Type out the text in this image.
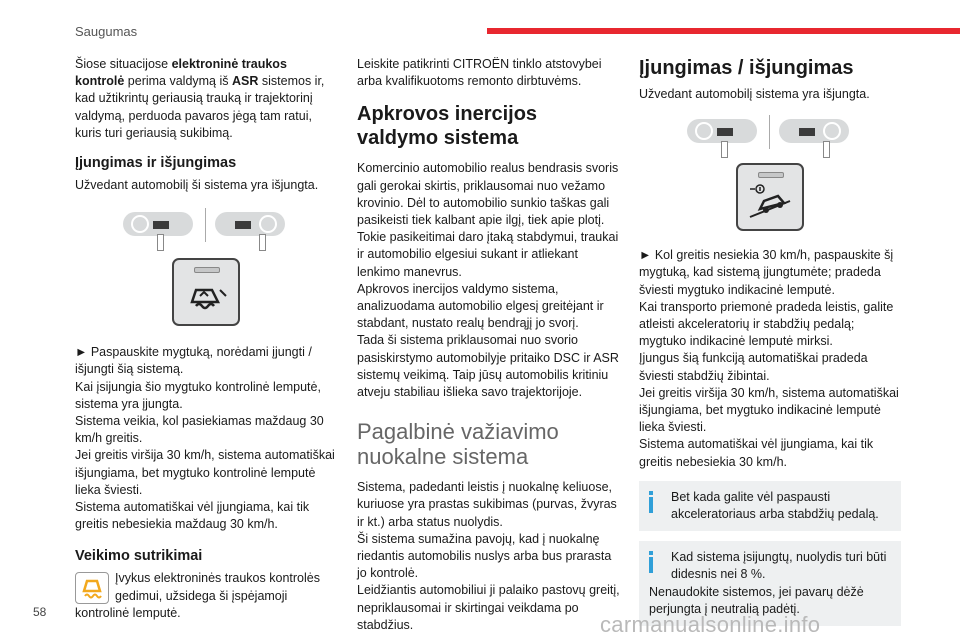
Saugumas

Šiose situacijose elektroninė traukos kontrolė perima valdymą iš ASR sistemos ir, kad užtikrintų geriausią trauką ir trajektorinį valdymą, perduoda pavaros jėgą tam ratui, kuris turi geriausią sukibimą.

Įjungimas ir išjungimas

Užvedant automobilį ši sistema yra išjungta.

► Paspauskite mygtuką, norėdami įjungti / išjungti šią sistemą.

Kai įsijungia šio mygtuko kontrolinė lemputė, sistema yra įjungta.

Sistema veikia, kol pasiekiamas maždaug 30 km/h greitis.

Jei greitis viršija 30 km/h, sistema automatiškai išjungiama, bet mygtuko kontrolinė lemputė lieka šviesti.

Sistema automatiškai vėl įjungiama, kai tik greitis nebesiekia maždaug 30 km/h.

Veikimo sutrikimai

Įvykus elektroninės traukos kontrolės gedimui, užsidega ši įspėjamoji kontrolinė lemputė.

Leiskite patikrinti CITROËN tinklo atstovybei arba kvalifikuotoms remonto dirbtuvėms.

Apkrovos inercijos valdymo sistema

Komercinio automobilio realus bendrasis svoris gali gerokai skirtis, priklausomai nuo vežamo krovinio. Dėl to automobilio sunkio taškas gali pasikeisti tiek kalbant apie ilgį, tiek apie plotį. Tokie pasikeitimai daro įtaką stabdymui, traukai ir automobilio elgesiui sukant ir atliekant lenkimo manevrus.

Apkrovos inercijos valdymo sistema, analizuodama automobilio elgesį greitėjant ir stabdant, nustato realų bendrąjį jo svorį.

Tada ši sistema priklausomai nuo svorio pasiskirstymo automobilyje pritaiko DSC ir ASR sistemų veikimą. Taip jūsų automobilis kritiniu atveju stabiliau išlieka savo trajektorijoje.

Pagalbinė važiavimo nuokalne sistema

Sistema, padedanti leistis į nuokalnę keliuose, kuriuose yra prastas sukibimas (purvas, žvyras ir kt.) arba status nuolydis.

Ši sistema sumažina pavojų, kad į nuokalnę riedantis automobilis nuslys arba bus prarasta jo kontrolė.

Leidžiantis automobiliui ji palaiko pastovų greitį, nepriklausomai ir skirtingai veikdama po stabdžius.

Įjungimas / išjungimas

Užvedant automobilį sistema yra išjungta.

► Kol greitis nesiekia 30 km/h, paspauskite šį mygtuką, kad sistemą įjungtumėte; pradeda šviesti mygtuko indikacinė lemputė.

Kai transporto priemonė pradeda leistis, galite atleisti akceleratorių ir stabdžių pedalą; mygtuko indikacinė lemputė mirksi.

Įjungus šią funkciją automatiškai pradeda šviesti stabdžių žibintai.

Jei greitis viršija 30 km/h, sistema automatiškai išjungiama, bet mygtuko indikacinė lemputė lieka šviesti.

Sistema automatiškai vėl įjungiama, kai tik greitis nebesiekia 30 km/h.

Bet kada galite vėl paspausti akceleratoriaus arba stabdžių pedalą.

Kad sistema įsijungtų, nuolydis turi būti didesnis nei 8 %.

Nenaudokite sistemos, jei pavarų dėžė perjungta į neutralią padėtį.

58	carmanualsonline.info
